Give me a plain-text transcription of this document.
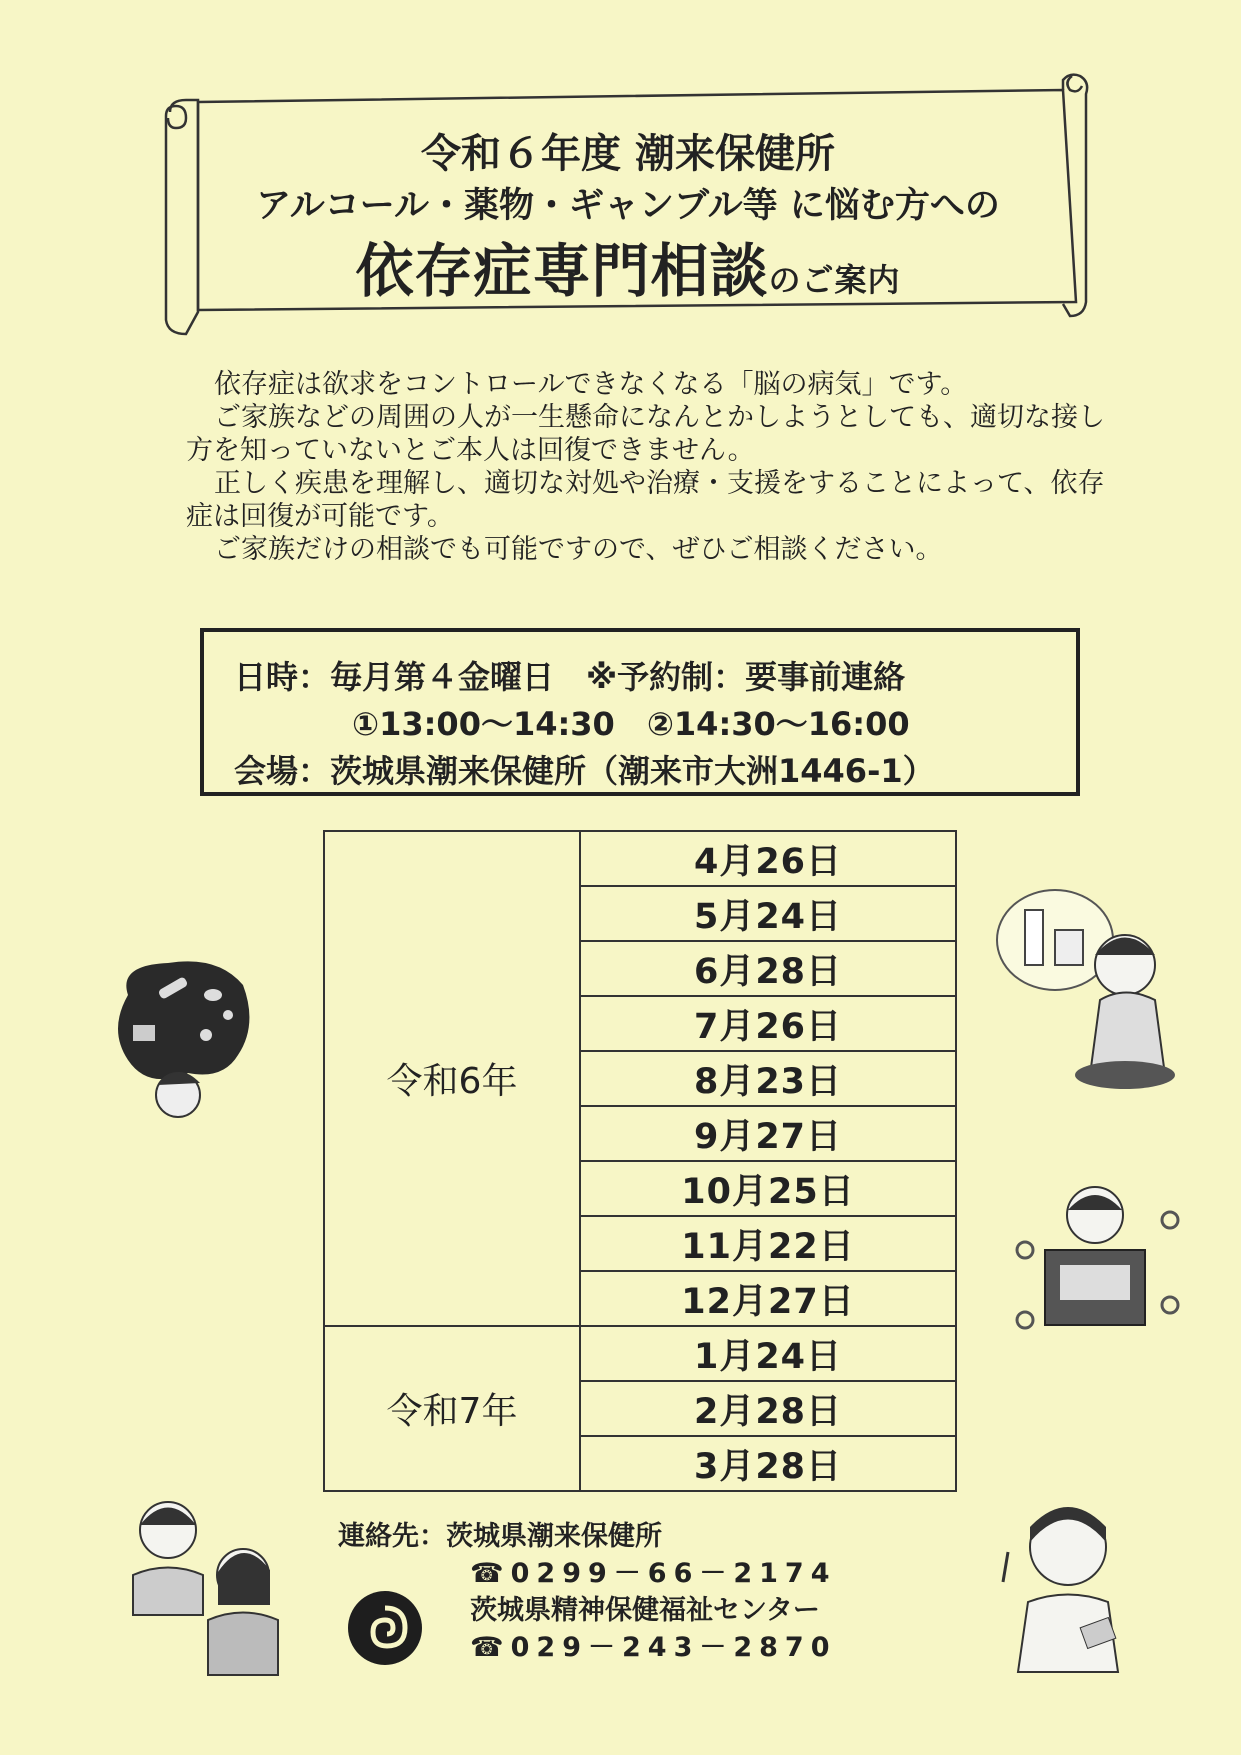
令和６年度 潮来保健所
アルコール・薬物・ギャンブル等 に悩む方への
依存症専門相談のご案内

依存症は欲求をコントロールできなくなる「脳の病気」です。

ご家族などの周囲の人が一生懸命になんとかしようとしても、適切な接し方を知っていないとご本人は回復できません。

正しく疾患を理解し、適切な対処や治療・支援をすることによって、依存症は回復が可能です。

ご家族だけの相談でも可能ですので、ぜひご相談ください。

日時：毎月第４金曜日　※予約制：要事前連絡
①13:00～14:30　②14:30～16:00
会場：茨城県潮来保健所（潮来市大洲1446-1）
令和6年	4月26日
	5月24日
	6月28日
	7月26日
	8月23日
	9月27日
	10月25日
	11月22日
	12月27日
令和7年	1月24日
	2月28日
	3月28日
連絡先：茨城県潮来保健所
☎0299－66－2174
茨城県精神保健福祉センター
☎029－243－2870
